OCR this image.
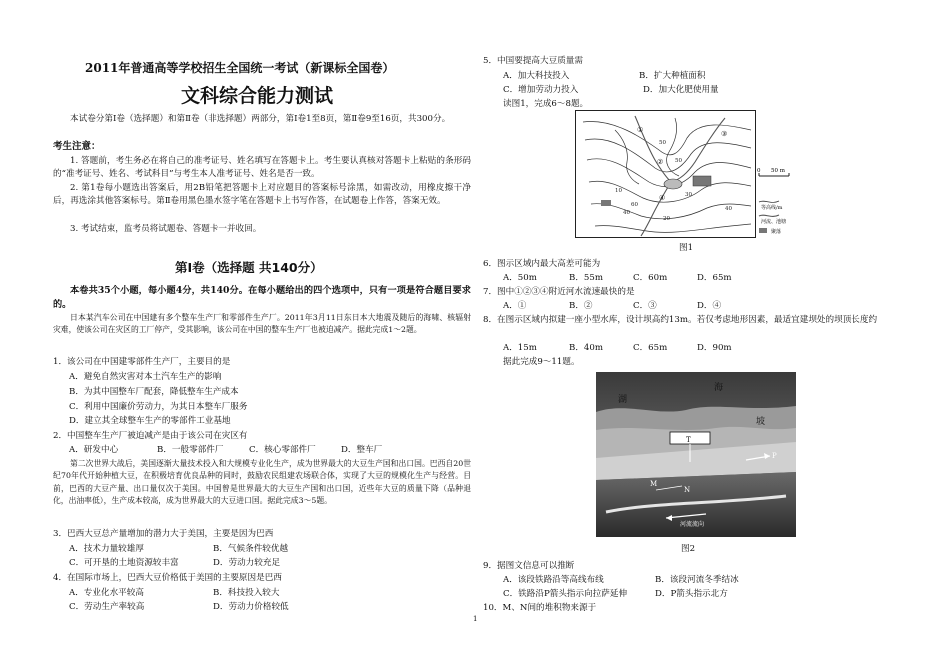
2011年普通高等学校招生全国统一考试（新课标全国卷）
文科综合能力测试
本试卷分第Ⅰ卷（选择题）和第Ⅱ卷（非选择题）两部分，第Ⅰ卷1至8页，第Ⅱ卷9至16页，共300分。
考生注意：
1. 答题前，考生务必在将自己的准考证号、姓名填写在答题卡上。考生要认真核对答题卡上粘贴的条形码的“准考证号、姓名、考试科目”与考生本人准考证号、姓名是否一致。
2. 第1卷每小题选出答案后，用2B铅笔把答题卡上对应题目的答案标号涂黑，如需改动，用橡皮擦干净后，再选涂其他答案标号。第Ⅱ卷用黑色墨水签字笔在答题卡上书写作答，在试题卷上作答，答案无效。
3. 考试结束，监考员将试题卷、答题卡一并收回。
第Ⅰ卷（选择题 共140分）
本卷共35个小题，每小题4分，共140分。在每小题给出的四个选项中，只有一项是符合题目要求的。
日本某汽车公司在中国建有多个整车生产厂和零部件生产厂。2011年3月11日东日本大地震及随后的海啸、核辐射灾难，使该公司在灾区的工厂停产，受其影响，该公司在中国的整车生产厂也被迫减产。据此完成1～2题。
1．该公司在中国建零部件生产厂，主要目的是
A．避免自然灾害对本土汽车生产的影响
B．为其中国整车厂配套，降低整车生产成本
C．利用中国廉价劳动力，为其日本整车厂服务
D．建立其全球整车生产的零部件工业基地
2．中国整车生产厂被迫减产是由于该公司在灾区有
A．研发中心	B．一般零部件厂	C．核心零部件厂	D．整车厂
第二次世界大战后，美国逐渐大量技术投入和大规模专业化生产，成为世界最大的大豆生产国和出口国。巴西自20世纪70年代开始种植大豆，在积极培育优良品种的同时，鼓励农民组建农场联合体，实现了大豆的规模化生产与经营。目前，巴西的大豆产量、出口量仅次于美国。中国曾是世界最大的大豆生产国和出口国，近些年大豆的质量下降（品种退化，出油率低），生产成本较高，成为世界最大的大豆进口国。据此完成3～5题。
3．巴西大豆总产量增加的潜力大于美国，主要是因为巴西
A．技术力量较雄厚	B．气候条件较优越
C．可开垦的土地资源较丰富	D．劳动力较充足
4．在国际市场上，巴西大豆价格低于美国的主要原因是巴西
A．专业化水平较高	B．科技投入较大
C．劳动生产率较高	D．劳动力价格较低
5．中国要提高大豆质量需
A．加大科技投入	B．扩大种植面积
C．增加劳动力投入	D．加大化肥使用量
读图1，完成6～8题。
60
50
40
50
30
40
20
10
①
②
③
④
0 50 m
等高线/m
河流、池塘
聚落
图1
6．图示区域内最大高差可能为
A．50m	B．55m	C．60m	D．65m
7．图中①②③④附近河水流速最快的是
A．①	B．②	C．③	D．④
8．在图示区域内拟建一座小型水库，设计坝高约13m。若仅考虑地形因素，最适宜建坝处的坝顶长度约
A．15m	B．40m	C．65m	D．90m
据此完成9～11题。
湖
海
坡
T
P
M
N
河流流向
图2
9．据图文信息可以推断
A．该段铁路沿等高线布线	B．该段河流冬季结冰
C．铁路沿P箭头指示向拉萨延伸	D．P箭头指示北方
10．M、N间的堆积物来源于
1
